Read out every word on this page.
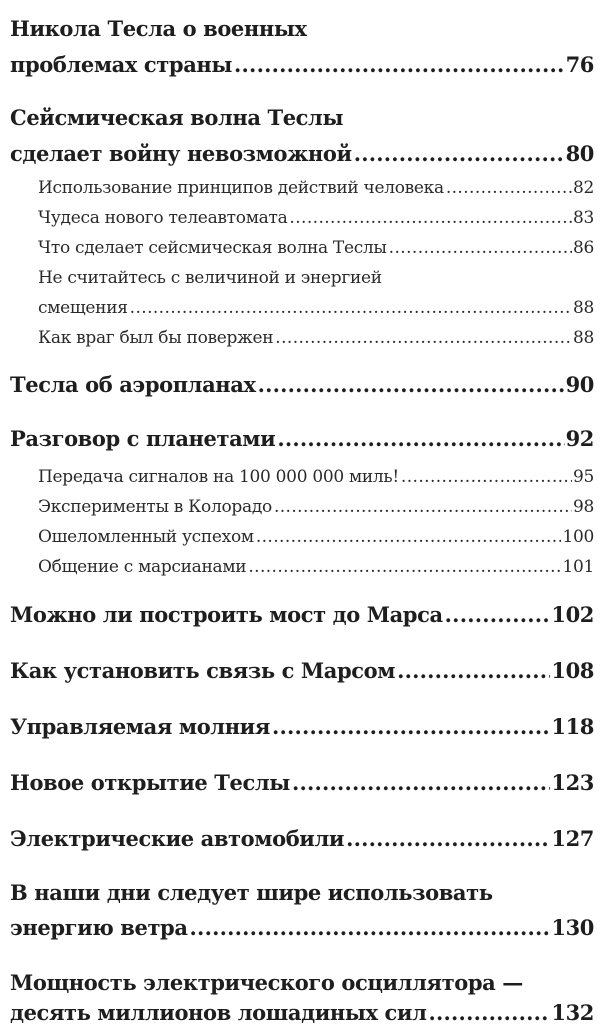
Никола Тесла о военных
проблемах страны .....	76
Сейсмическая волна Теслы
сделает войну невозможной .....	80
Использование принципов действий человека .....	82
Чудеса нового телеавтомата .....	83
Что сделает сейсмическая волна Теслы .....	86
Не считайтесь с величиной и энергией
смещения .....	88
Как враг был бы повержен .....	88
Тесла об аэропланах .....	90
Разговор с планетами .....	92
Передача сигналов на 100 000 000 миль! .....	95
Эксперименты в Колорадо .....	98
Ошеломленный успехом .....	100
Общение с марсианами .....	101
Можно ли построить мост до Марса .....	102
Как установить связь с Марсом .....	108
Управляемая молния .....	118
Новое открытие Теслы .....	123
Электрические автомобили .....	127
В наши дни следует шире использовать
энергию ветра .....	130
Мощность электрического осциллятора —
десять миллионов лошадиных сил .....	132
